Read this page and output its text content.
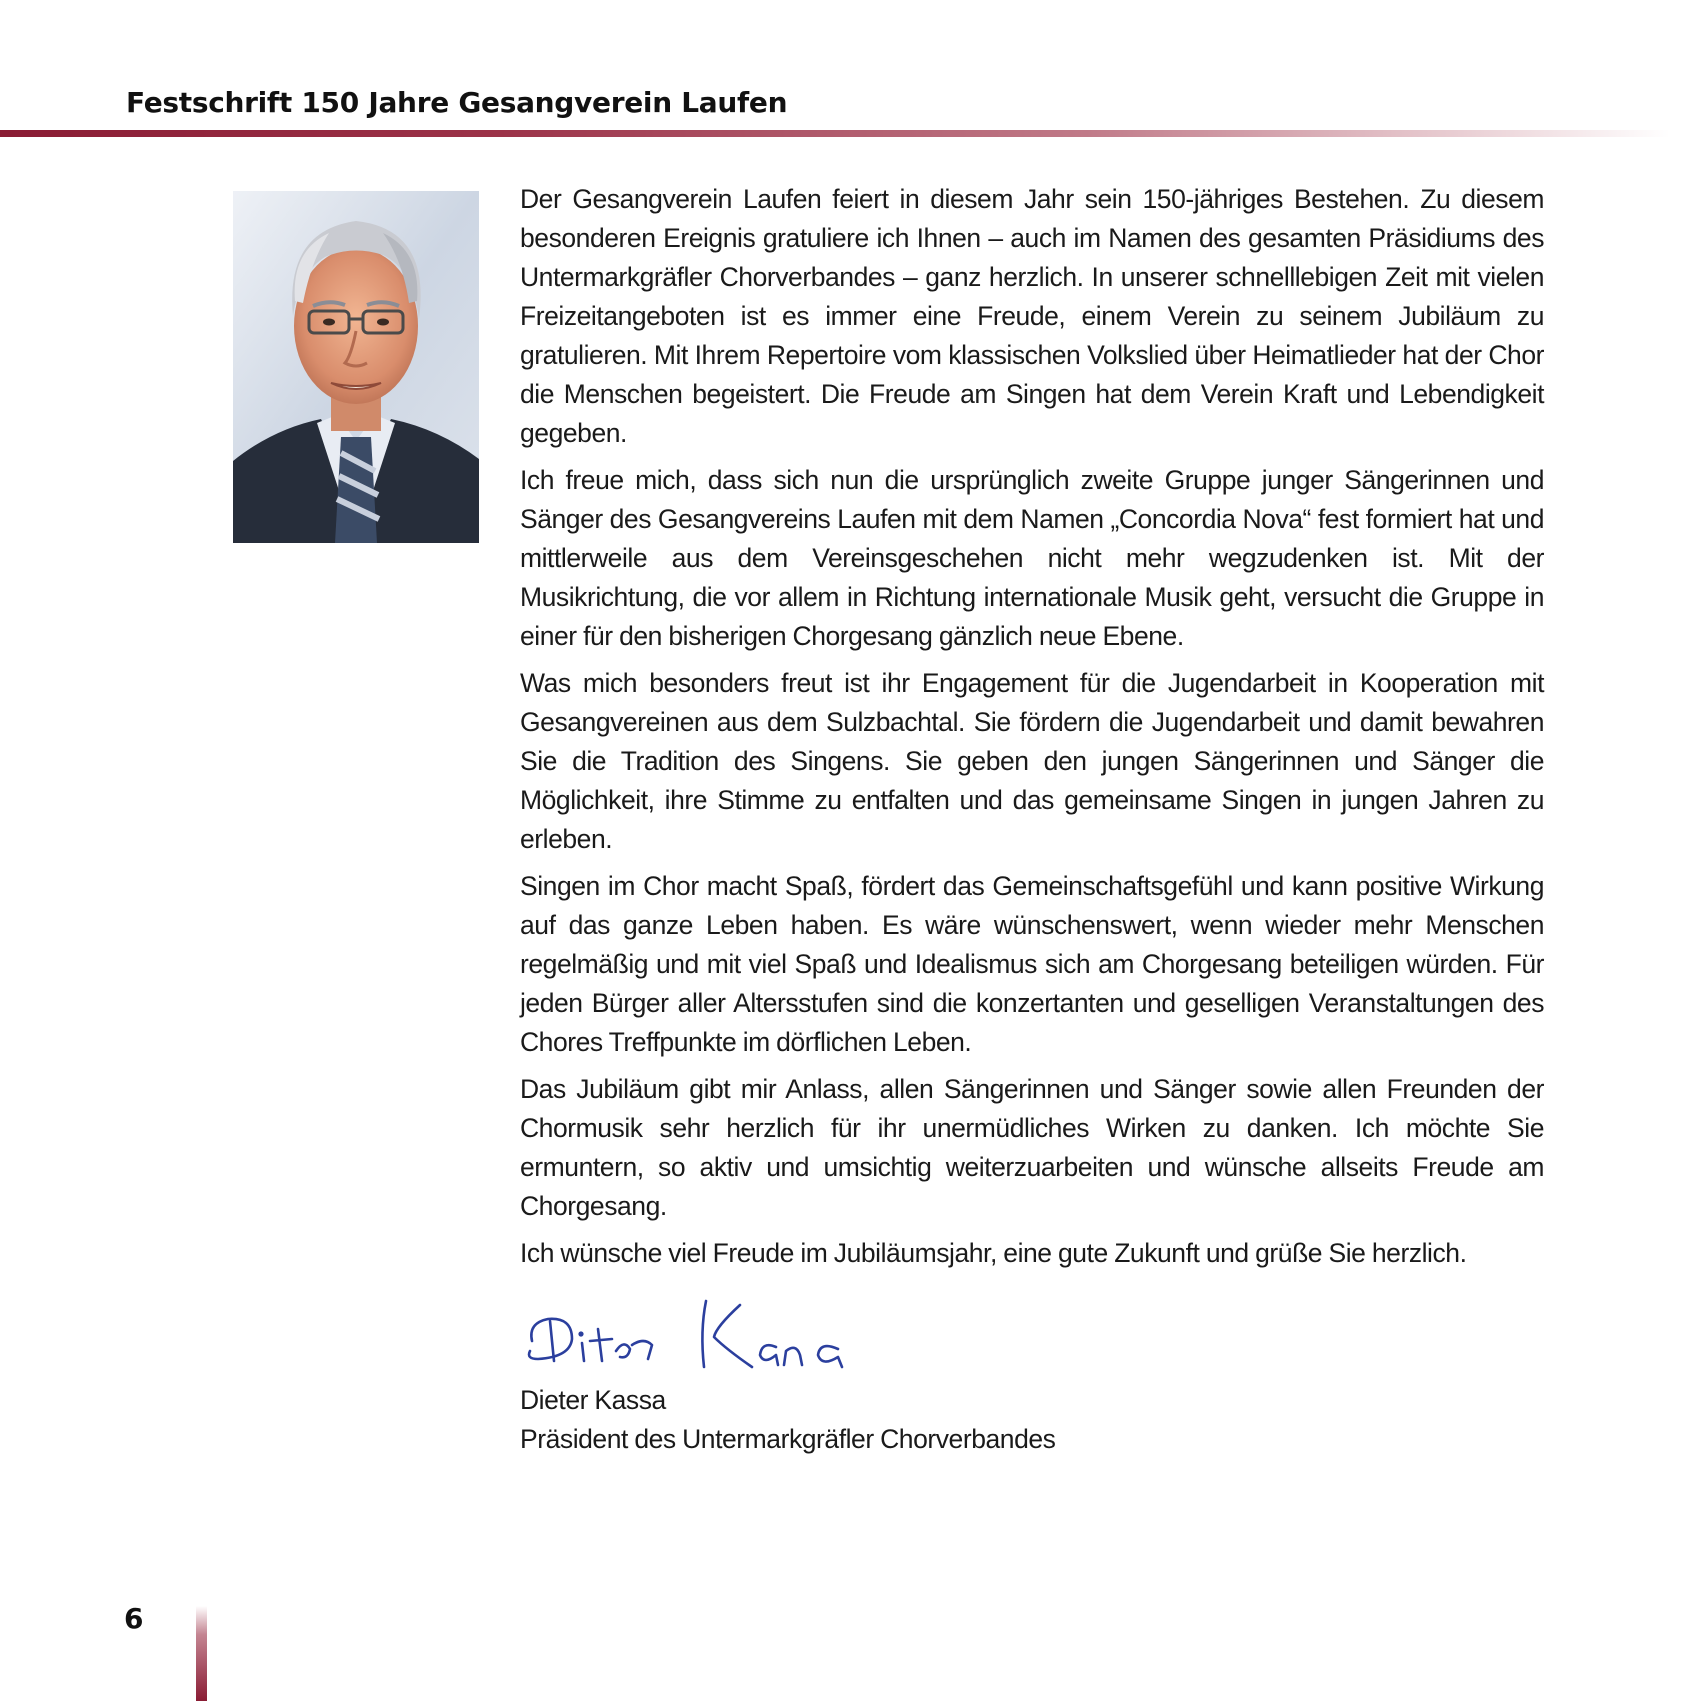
Festschrift 150 Jahre Gesangverein Laufen

Der Gesangverein Laufen feiert in diesem Jahr sein 150-jähriges Bestehen. Zu diesem besonderen Ereignis gratuliere ich Ihnen – auch im Namen des gesamten Präsidiums des Untermarkgräfler Chorverbandes – ganz herzlich. In unserer schnelllebigen Zeit mit vielen Freizeitangeboten ist es immer eine Freude, einem Verein zu seinem Jubiläum zu gratulieren. Mit Ihrem Repertoire vom klassischen Volkslied über Heimatlieder hat der Chor die Menschen begeistert. Die Freude am Singen hat dem Verein Kraft und Lebendigkeit gegeben.

Ich freue mich, dass sich nun die ursprünglich zweite Gruppe junger Sängerinnen und Sänger des Gesangvereins Laufen mit dem Namen „Concordia Nova“ fest formiert hat und mittlerweile aus dem Vereinsgeschehen nicht mehr wegzudenken ist. Mit der Musikrichtung, die vor allem in Richtung internationale Musik geht, versucht die Gruppe in einer für den bisherigen Chorgesang gänzlich neue Ebene.

Was mich besonders freut ist ihr Engagement für die Jugendarbeit in Kooperation mit Gesangvereinen aus dem Sulzbachtal. Sie fördern die Jugendarbeit und damit bewahren Sie die Tradition des Singens. Sie geben den jungen Sängerinnen und Sänger die Möglichkeit, ihre Stimme zu entfalten und das gemeinsame Singen in jungen Jahren zu erleben.

Singen im Chor macht Spaß, fördert das Gemeinschaftsgefühl und kann positive Wirkung auf das ganze Leben haben. Es wäre wünschenswert, wenn wieder mehr Menschen regelmäßig und mit viel Spaß und Idealismus sich am Chorgesang beteiligen würden. Für jeden Bürger aller Altersstufen sind die konzertanten und geselligen Veranstaltungen des Chores Treffpunkte im dörflichen Leben.

Das Jubiläum gibt mir Anlass, allen Sängerinnen und Sänger sowie allen Freunden der Chormusik sehr herzlich für ihr unermüdliches Wirken zu danken. Ich möchte Sie ermuntern, so aktiv und umsichtig weiterzuarbeiten und wünsche allseits Freude am Chorgesang.

Ich wünsche viel Freude im Jubiläumsjahr, eine gute Zukunft und grüße Sie herzlich.

Dieter Kassa
Präsident des Untermarkgräfler Chorverbandes
6
